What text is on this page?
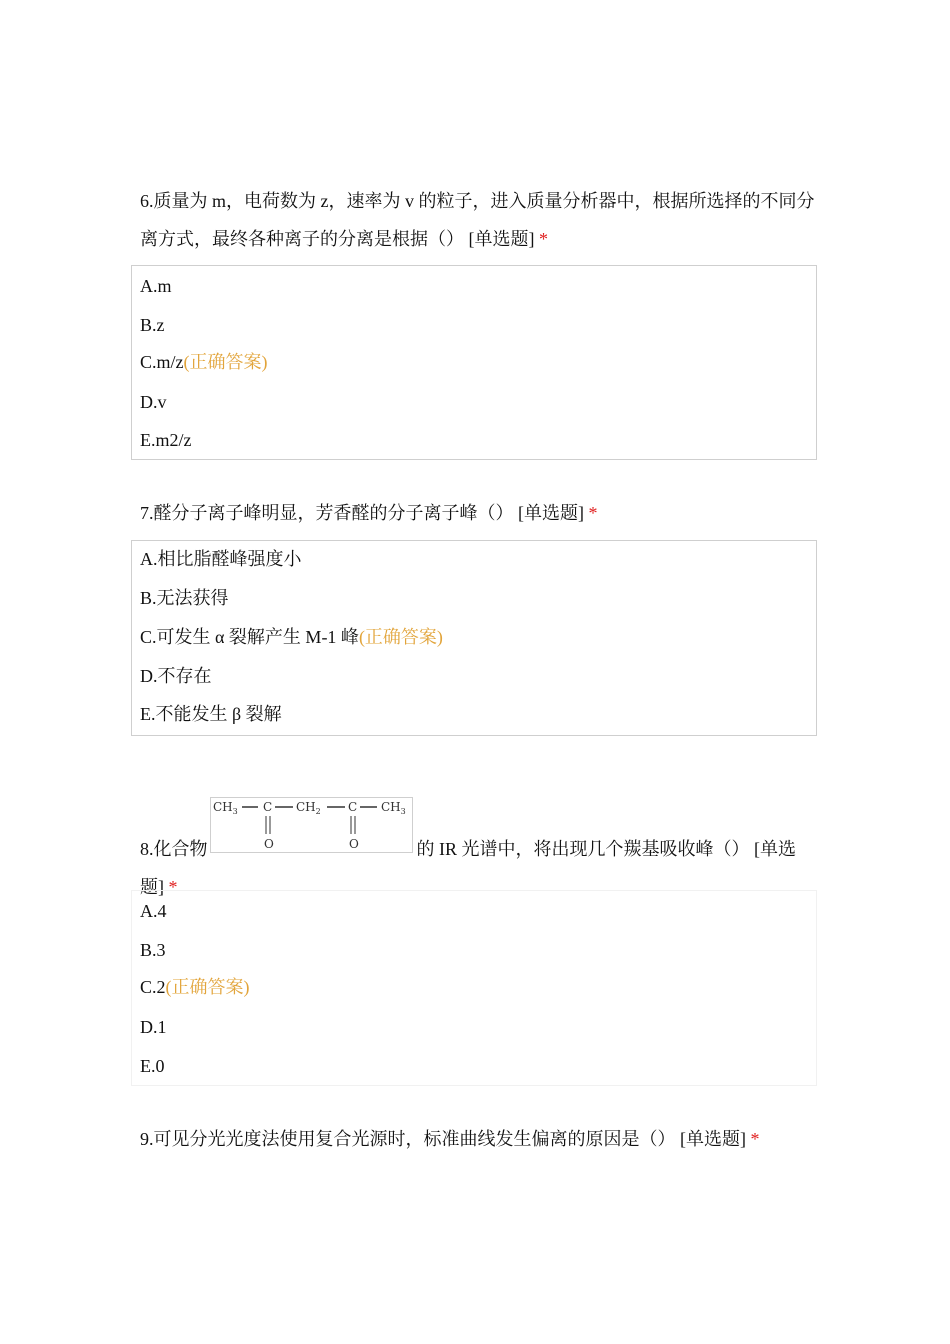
6.质量为 m，电荷数为 z，速率为 v 的粒子，进入质量分析器中，根据所选择的不同分离方式，最终各种离子的分离是根据（） [单选题] *
A.m
B.z
C.m/z(正确答案)
D.v
E.m2/z
7.醛分子离子峰明显，芳香醛的分子离子峰（） [单选题] *
A.相比脂醛峰强度小
B.无法获得
C.可发生 α 裂解产生 M-1 峰(正确答案)
D.不存在
E.不能发生 β 裂解
8.化合物
$CH_3$ C $CH_2$ C $CH_3$
O	O	的 IR 光谱中，将出现几个羰基吸收峰（） [单选
题] *
A.4
B.3
C.2(正确答案)
D.1
E.0
9.可见分光光度法使用复合光源时，标准曲线发生偏离的原因是（） [单选题] *
